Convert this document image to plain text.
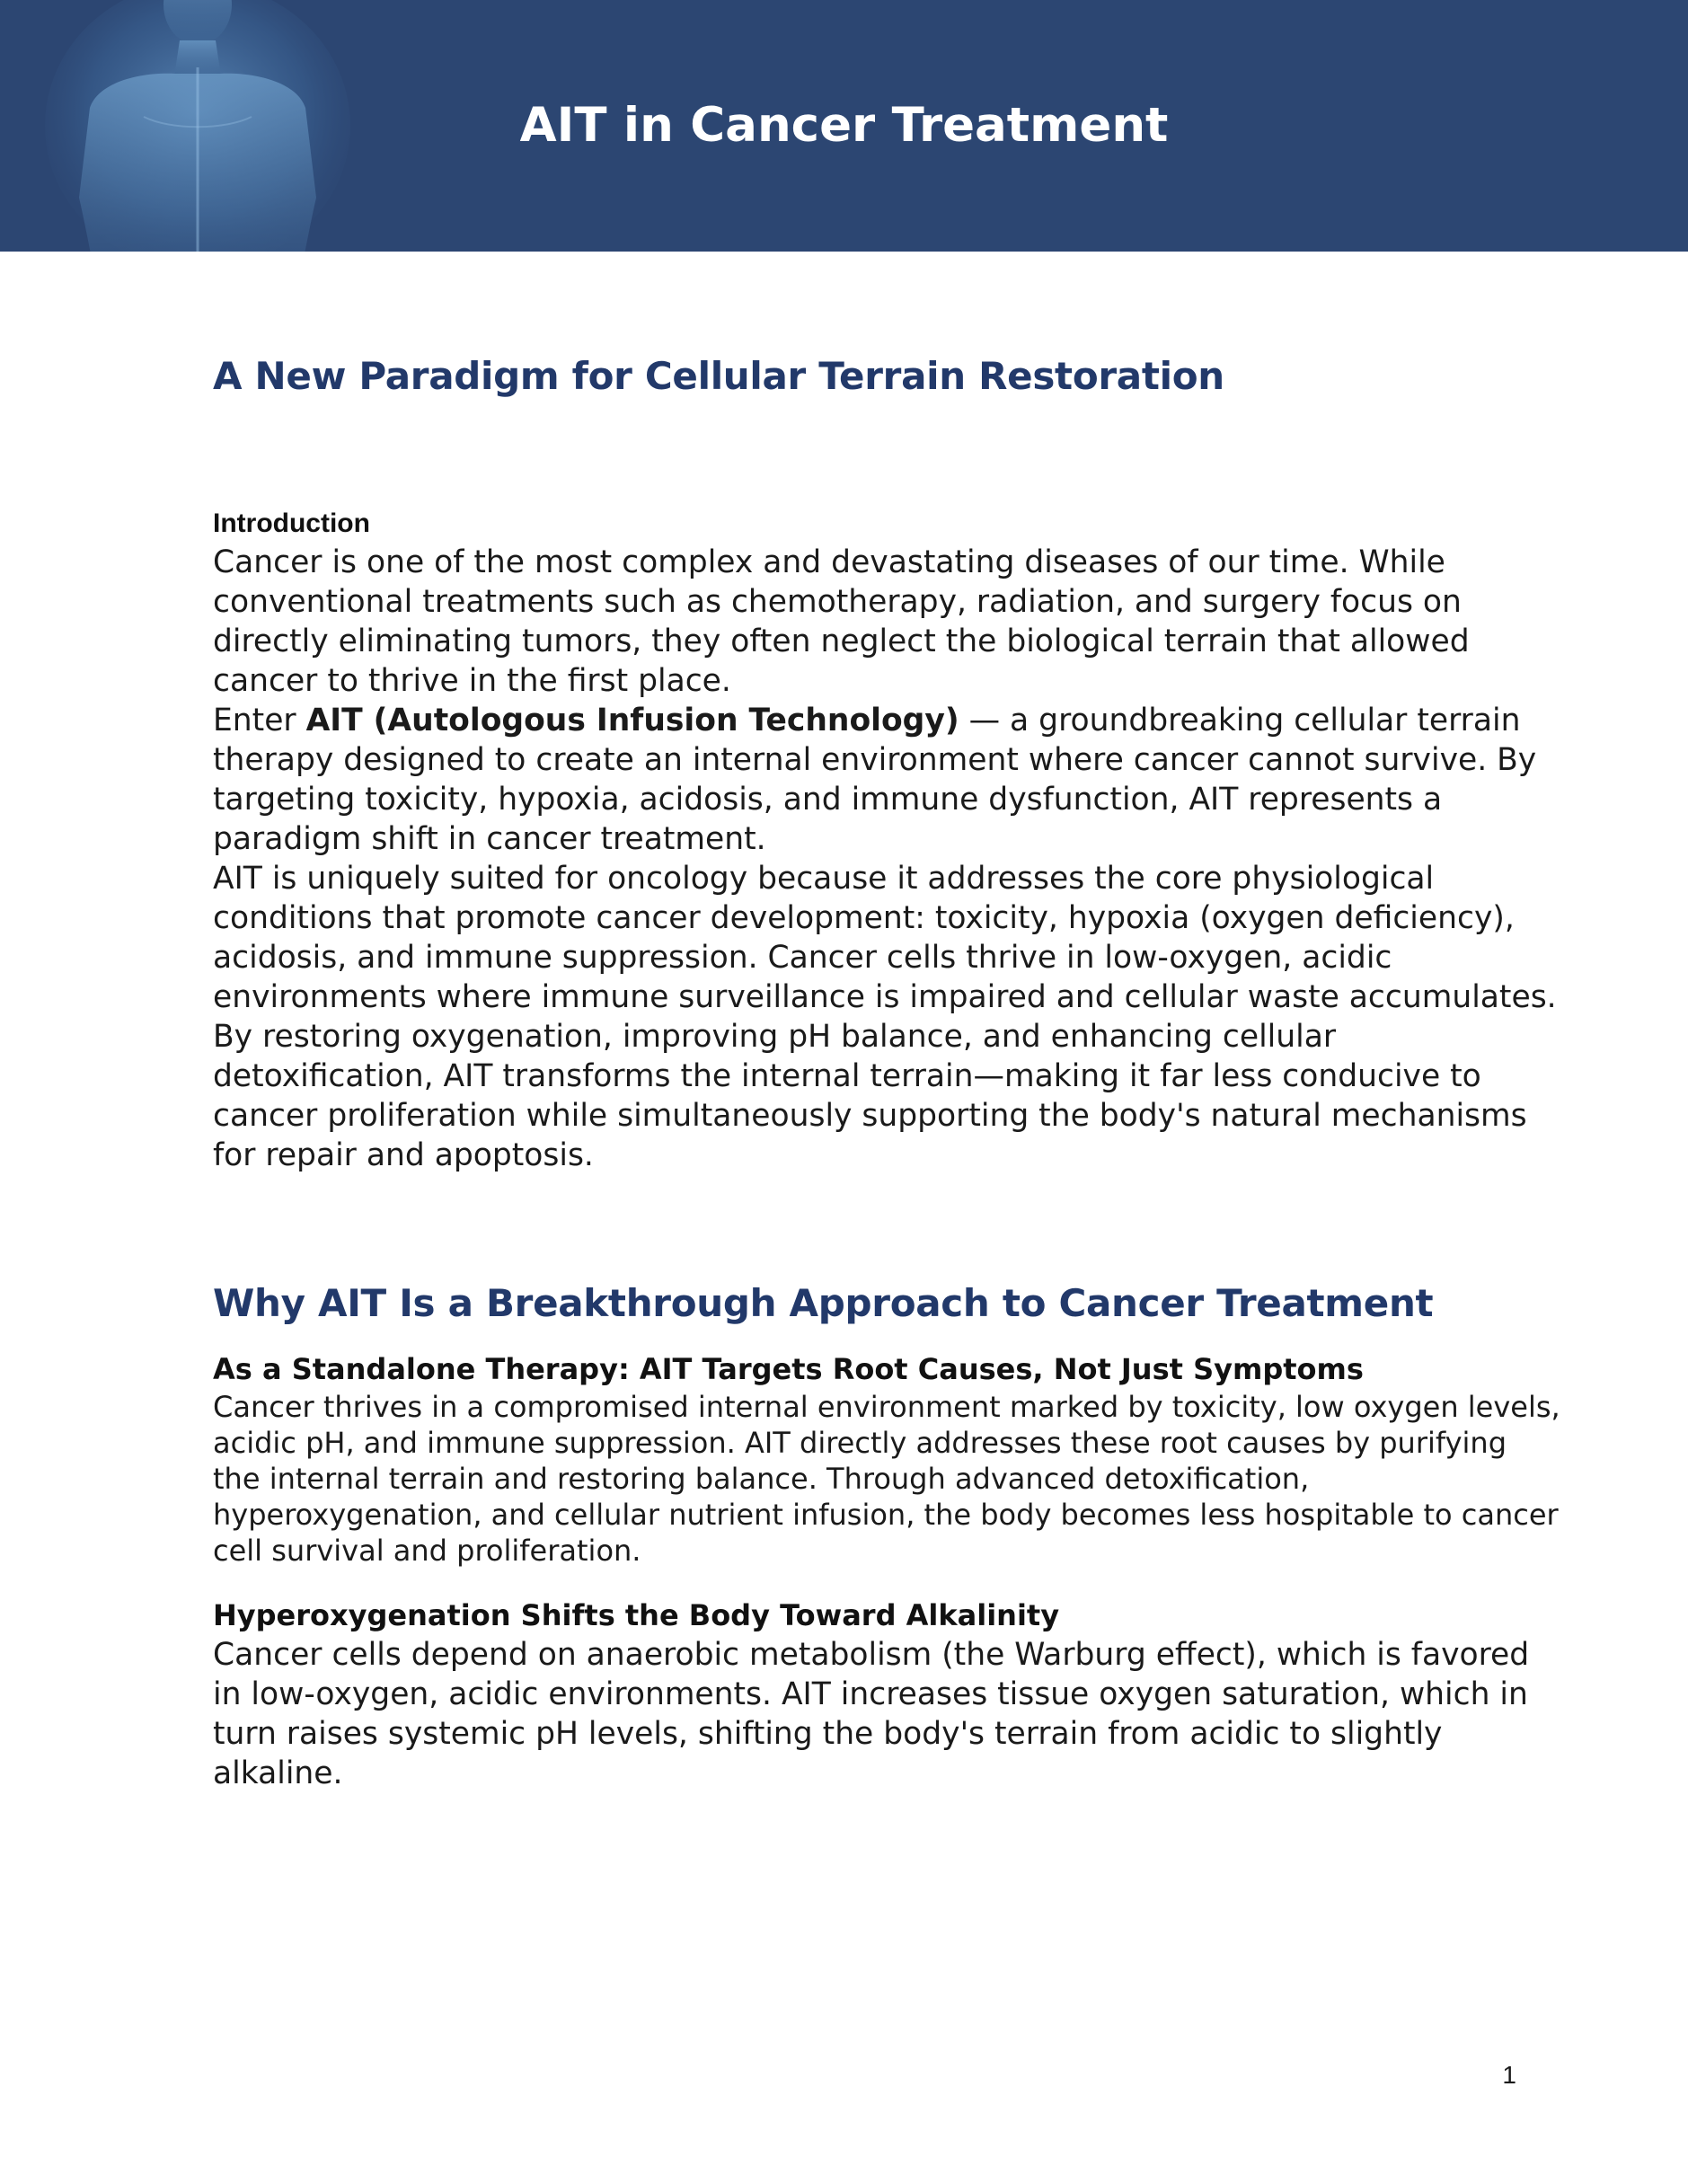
AIT in Cancer Treatment
A New Paradigm for Cellular Terrain Restoration
Introduction

Cancer is one of the most complex and devastating diseases of our time. While conventional treatments such as chemotherapy, radiation, and surgery focus on directly eliminating tumors, they often neglect the biological terrain that allowed cancer to thrive in the first place.

Enter AIT (Autologous Infusion Technology) — a groundbreaking cellular terrain therapy designed to create an internal environment where cancer cannot survive. By targeting toxicity, hypoxia, acidosis, and immune dysfunction, AIT represents a paradigm shift in cancer treatment.

AIT is uniquely suited for oncology because it addresses the core physiological conditions that promote cancer development: toxicity, hypoxia (oxygen deficiency), acidosis, and immune suppression. Cancer cells thrive in low-oxygen, acidic environments where immune surveillance is impaired and cellular waste accumulates. By restoring oxygenation, improving pH balance, and enhancing cellular detoxification, AIT transforms the internal terrain—making it far less conducive to cancer proliferation while simultaneously supporting the body's natural mechanisms for repair and apoptosis.

Why AIT Is a Breakthrough Approach to Cancer Treatment
As a Standalone Therapy: AIT Targets Root Causes, Not Just Symptoms

Cancer thrives in a compromised internal environment marked by toxicity, low oxygen levels, acidic pH, and immune suppression. AIT directly addresses these root causes by purifying the internal terrain and restoring balance. Through advanced detoxification, hyperoxygenation, and cellular nutrient infusion, the body becomes less hospitable to cancer cell survival and proliferation.

Hyperoxygenation Shifts the Body Toward Alkalinity

Cancer cells depend on anaerobic metabolism (the Warburg effect), which is favored in low-oxygen, acidic environments. AIT increases tissue oxygen saturation, which in turn raises systemic pH levels, shifting the body's terrain from acidic to slightly alkaline.

1
